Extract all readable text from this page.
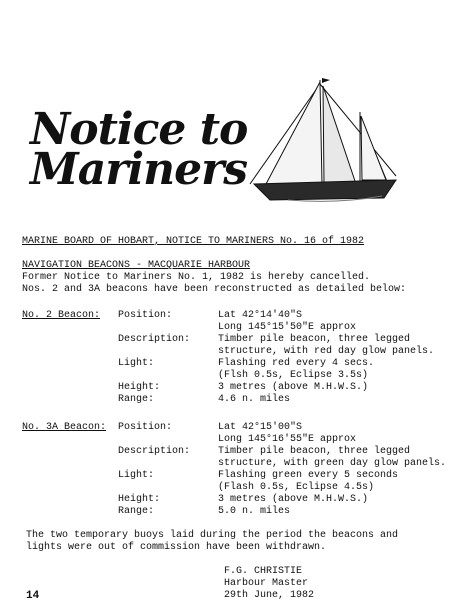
Notice to
Mariners
MARINE BOARD OF HOBART, NOTICE TO MARINERS No. 16 of 1982
NAVIGATION BEACONS - MACQUARIE HARBOUR
Former Notice to Mariners No. 1, 1982 is hereby cancelled.
Nos. 2 and 3A beacons have been reconstructed as detailed below:
No. 2 Beacon: Position:	Lat 42°14'40"S
Long 145°15'50"E approx
Description:	Timber pile beacon, three legged
structure, with red day glow panels.
Light:	Flashing red every 4 secs.
(Flsh 0.5s, Eclipse 3.5s)
Height:	3 metres (above M.H.W.S.)
Range:	4.6 n. miles
No. 3A Beacon: Position:	Lat 42°15'00"S
Long 145°16'55"E approx
Description:	Timber pile beacon, three legged
structure, with green day glow panels.
Light:	Flashing green every 5 seconds
(Flash 0.5s, Eclipse 4.5s)
Height:	3 metres (above M.H.W.S.)
Range:	5.0 n. miles
The two temporary buoys laid during the period the beacons and
lights were out of commission have been withdrawn.
F.G. CHRISTIE
Harbour Master
29th June, 1982
14
